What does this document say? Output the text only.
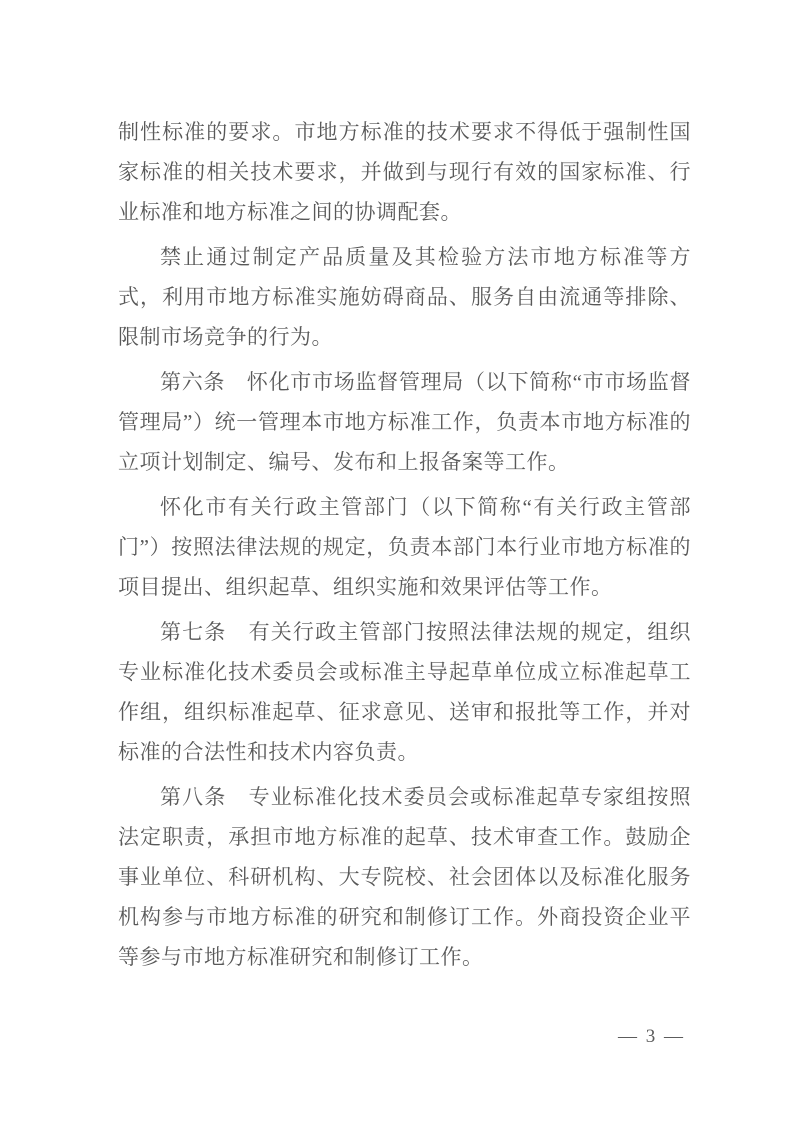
制性标准的要求。市地方标准的技术要求不得低于强制性国家标准的相关技术要求，并做到与现行有效的国家标准、行业标准和地方标准之间的协调配套。

禁止通过制定产品质量及其检验方法市地方标准等方式，利用市地方标准实施妨碍商品、服务自由流通等排除、限制市场竞争的行为。

第六条　怀化市市场监督管理局（以下简称“市市场监督管理局”）统一管理本市地方标准工作，负责本市地方标准的立项计划制定、编号、发布和上报备案等工作。

怀化市有关行政主管部门（以下简称“有关行政主管部门”）按照法律法规的规定，负责本部门本行业市地方标准的项目提出、组织起草、组织实施和效果评估等工作。

第七条　有关行政主管部门按照法律法规的规定，组织专业标准化技术委员会或标准主导起草单位成立标准起草工作组，组织标准起草、征求意见、送审和报批等工作，并对标准的合法性和技术内容负责。

第八条　专业标准化技术委员会或标准起草专家组按照法定职责，承担市地方标准的起草、技术审查工作。鼓励企事业单位、科研机构、大专院校、社会团体以及标准化服务机构参与市地方标准的研究和制修订工作。外商投资企业平等参与市地方标准研究和制修订工作。

— 3 —
